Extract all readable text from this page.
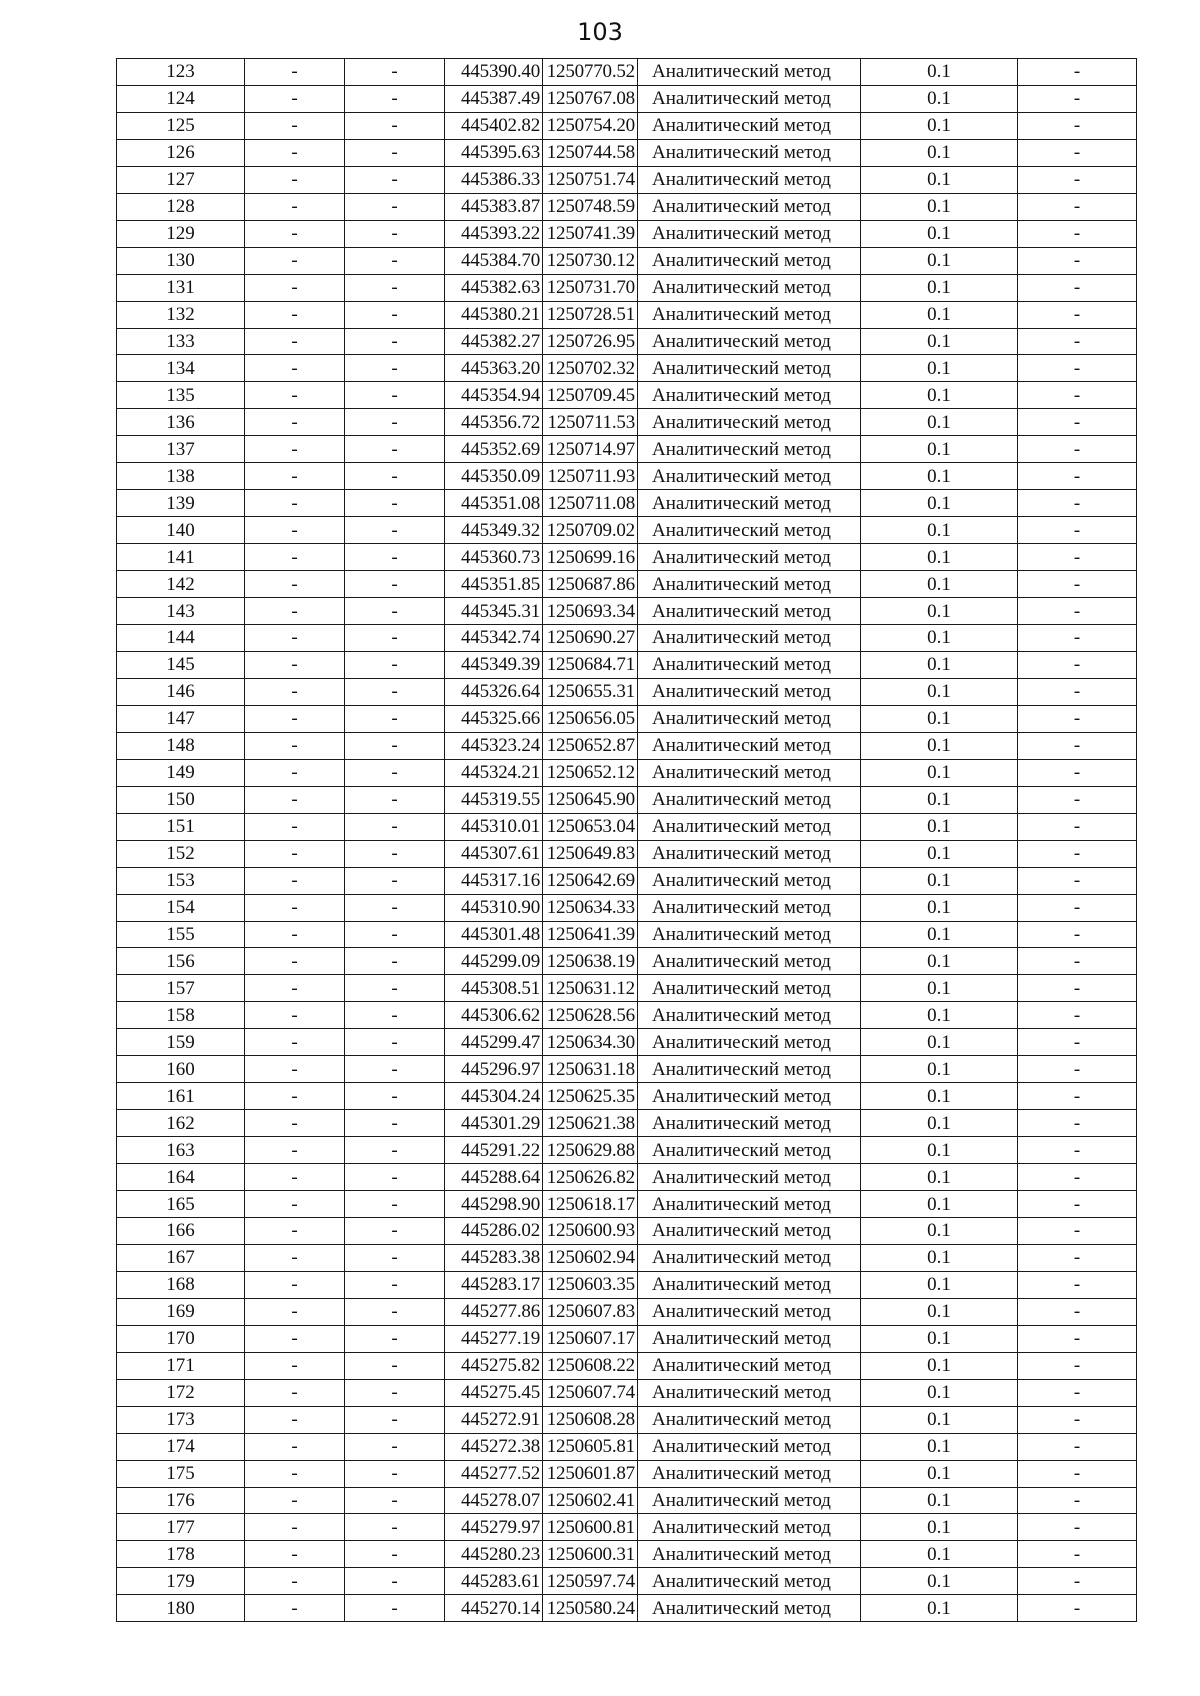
103
123	-	-	445390.40	1250770.52	Аналитический метод	0.1	-
124	-	-	445387.49	1250767.08	Аналитический метод	0.1	-
125	-	-	445402.82	1250754.20	Аналитический метод	0.1	-
126	-	-	445395.63	1250744.58	Аналитический метод	0.1	-
127	-	-	445386.33	1250751.74	Аналитический метод	0.1	-
128	-	-	445383.87	1250748.59	Аналитический метод	0.1	-
129	-	-	445393.22	1250741.39	Аналитический метод	0.1	-
130	-	-	445384.70	1250730.12	Аналитический метод	0.1	-
131	-	-	445382.63	1250731.70	Аналитический метод	0.1	-
132	-	-	445380.21	1250728.51	Аналитический метод	0.1	-
133	-	-	445382.27	1250726.95	Аналитический метод	0.1	-
134	-	-	445363.20	1250702.32	Аналитический метод	0.1	-
135	-	-	445354.94	1250709.45	Аналитический метод	0.1	-
136	-	-	445356.72	1250711.53	Аналитический метод	0.1	-
137	-	-	445352.69	1250714.97	Аналитический метод	0.1	-
138	-	-	445350.09	1250711.93	Аналитический метод	0.1	-
139	-	-	445351.08	1250711.08	Аналитический метод	0.1	-
140	-	-	445349.32	1250709.02	Аналитический метод	0.1	-
141	-	-	445360.73	1250699.16	Аналитический метод	0.1	-
142	-	-	445351.85	1250687.86	Аналитический метод	0.1	-
143	-	-	445345.31	1250693.34	Аналитический метод	0.1	-
144	-	-	445342.74	1250690.27	Аналитический метод	0.1	-
145	-	-	445349.39	1250684.71	Аналитический метод	0.1	-
146	-	-	445326.64	1250655.31	Аналитический метод	0.1	-
147	-	-	445325.66	1250656.05	Аналитический метод	0.1	-
148	-	-	445323.24	1250652.87	Аналитический метод	0.1	-
149	-	-	445324.21	1250652.12	Аналитический метод	0.1	-
150	-	-	445319.55	1250645.90	Аналитический метод	0.1	-
151	-	-	445310.01	1250653.04	Аналитический метод	0.1	-
152	-	-	445307.61	1250649.83	Аналитический метод	0.1	-
153	-	-	445317.16	1250642.69	Аналитический метод	0.1	-
154	-	-	445310.90	1250634.33	Аналитический метод	0.1	-
155	-	-	445301.48	1250641.39	Аналитический метод	0.1	-
156	-	-	445299.09	1250638.19	Аналитический метод	0.1	-
157	-	-	445308.51	1250631.12	Аналитический метод	0.1	-
158	-	-	445306.62	1250628.56	Аналитический метод	0.1	-
159	-	-	445299.47	1250634.30	Аналитический метод	0.1	-
160	-	-	445296.97	1250631.18	Аналитический метод	0.1	-
161	-	-	445304.24	1250625.35	Аналитический метод	0.1	-
162	-	-	445301.29	1250621.38	Аналитический метод	0.1	-
163	-	-	445291.22	1250629.88	Аналитический метод	0.1	-
164	-	-	445288.64	1250626.82	Аналитический метод	0.1	-
165	-	-	445298.90	1250618.17	Аналитический метод	0.1	-
166	-	-	445286.02	1250600.93	Аналитический метод	0.1	-
167	-	-	445283.38	1250602.94	Аналитический метод	0.1	-
168	-	-	445283.17	1250603.35	Аналитический метод	0.1	-
169	-	-	445277.86	1250607.83	Аналитический метод	0.1	-
170	-	-	445277.19	1250607.17	Аналитический метод	0.1	-
171	-	-	445275.82	1250608.22	Аналитический метод	0.1	-
172	-	-	445275.45	1250607.74	Аналитический метод	0.1	-
173	-	-	445272.91	1250608.28	Аналитический метод	0.1	-
174	-	-	445272.38	1250605.81	Аналитический метод	0.1	-
175	-	-	445277.52	1250601.87	Аналитический метод	0.1	-
176	-	-	445278.07	1250602.41	Аналитический метод	0.1	-
177	-	-	445279.97	1250600.81	Аналитический метод	0.1	-
178	-	-	445280.23	1250600.31	Аналитический метод	0.1	-
179	-	-	445283.61	1250597.74	Аналитический метод	0.1	-
180	-	-	445270.14	1250580.24	Аналитический метод	0.1	-
